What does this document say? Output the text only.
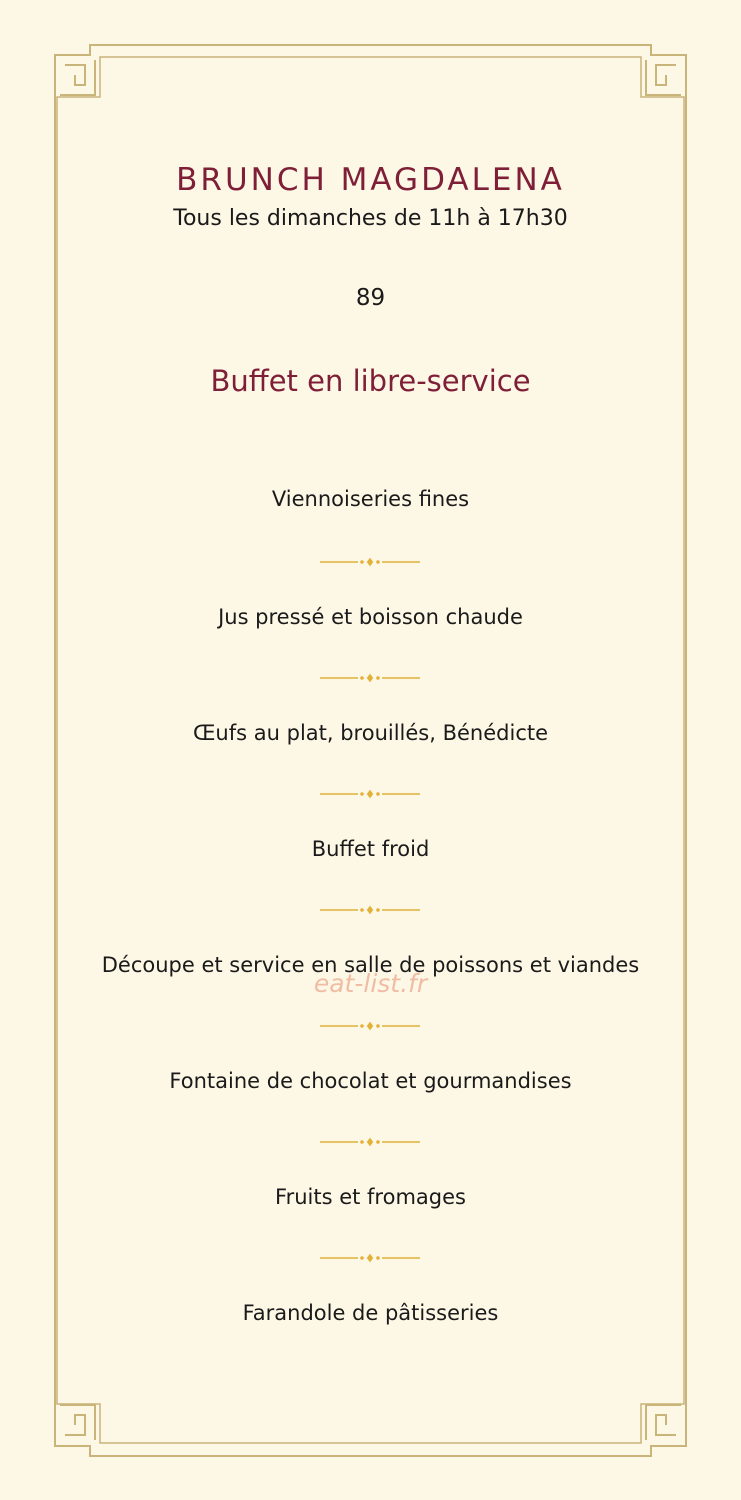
BRUNCH MAGDALENA
Tous les dimanches de 11h à 17h30
89
Buffet en libre-service
Viennoiseries fines
Jus pressé et boisson chaude
Œufs au plat, brouillés, Bénédicte
Buffet froid
Découpe et service en salle de poissons et viandes
Fontaine de chocolat et gourmandises
Fruits et fromages
Farandole de pâtisseries
eat-list.fr
